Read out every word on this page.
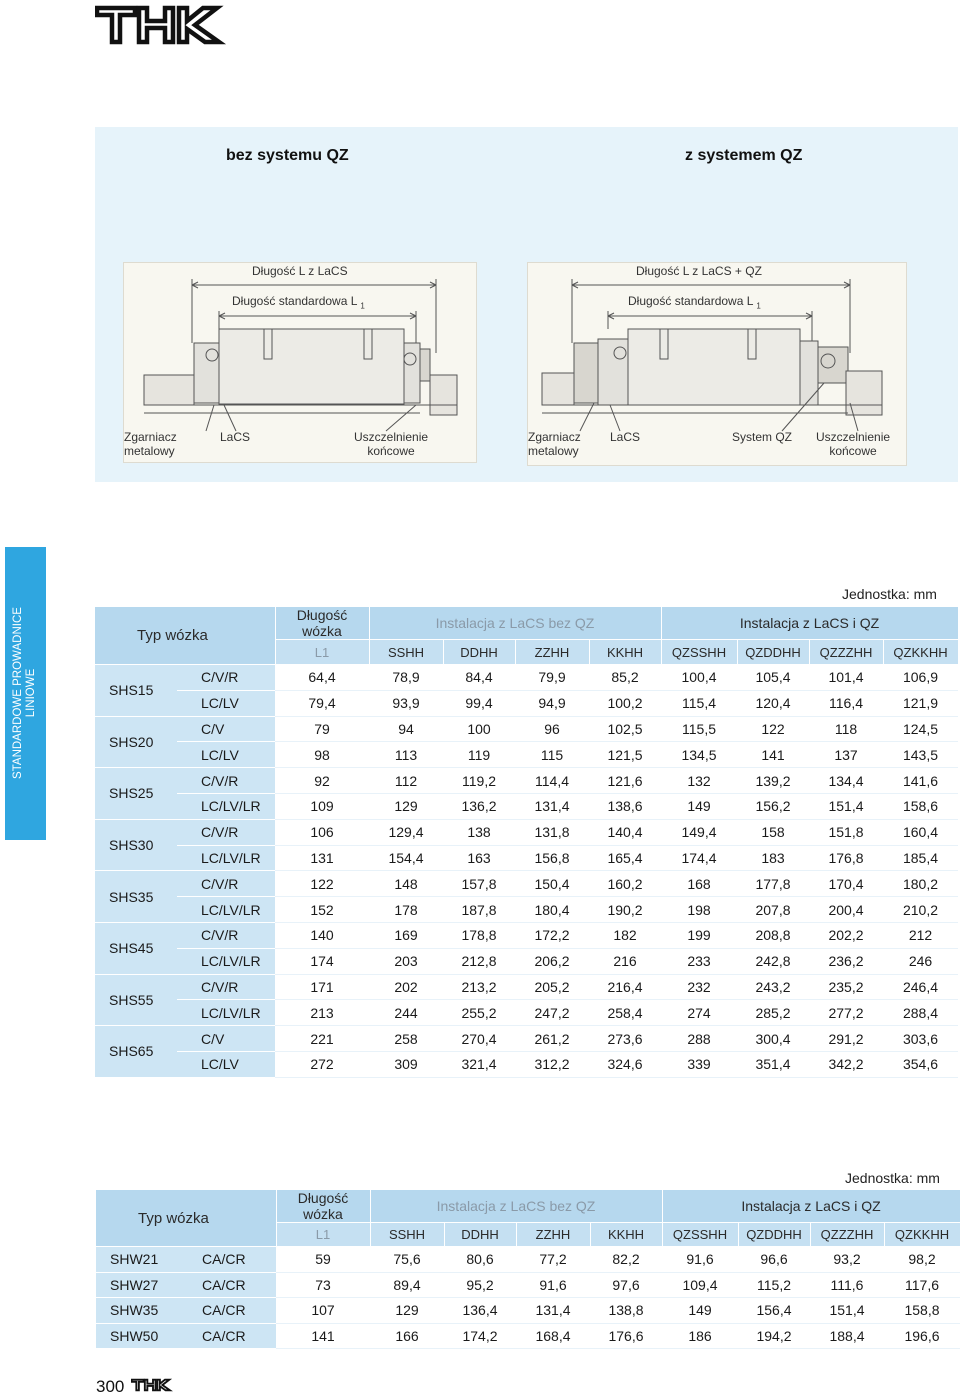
bez systemu QZ	z systemem QZ
Długość L z LaCS
Długość standardowa L $_1$
Zgarniacz
metalowy
LaCS	Uszczelnienie
końcowe
Długość L z LaCS + QZ
Długość standardowa L $_1$
Zgarniacz
metalowy
LaCS	System QZ Uszczelnienie
końcowe
STANDARDOWE PROWADNICE LINIOWE
Jednostka: mm
Typ wózka		Długość wózka	Instalacja z LaCS bez QZ				Instalacja z LaCS i QZ			
		L1	SSHH	DDHH	ZZHH	KKHH	QZSSHH	QZDDHH	QZZZHH	QZKKHH
SHS15	C/V/R	64,4	78,9	84,4	79,9	85,2	100,4	105,4	101,4	106,9
	LC/LV	79,4	93,9	99,4	94,9	100,2	115,4	120,4	116,4	121,9
SHS20	C/V	79	94	100	96	102,5	115,5	122	118	124,5
	LC/LV	98	113	119	115	121,5	134,5	141	137	143,5
SHS25	C/V/R	92	112	119,2	114,4	121,6	132	139,2	134,4	141,6
	LC/LV/LR	109	129	136,2	131,4	138,6	149	156,2	151,4	158,6
SHS30	C/V/R	106	129,4	138	131,8	140,4	149,4	158	151,8	160,4
	LC/LV/LR	131	154,4	163	156,8	165,4	174,4	183	176,8	185,4
SHS35	C/V/R	122	148	157,8	150,4	160,2	168	177,8	170,4	180,2
	LC/LV/LR	152	178	187,8	180,4	190,2	198	207,8	200,4	210,2
SHS45	C/V/R	140	169	178,8	172,2	182	199	208,8	202,2	212
	LC/LV/LR	174	203	212,8	206,2	216	233	242,8	236,2	246
SHS55	C/V/R	171	202	213,2	205,2	216,4	232	243,2	235,2	246,4
	LC/LV/LR	213	244	255,2	247,2	258,4	274	285,2	277,2	288,4
SHS65	C/V	221	258	270,4	261,2	273,6	288	300,4	291,2	303,6
	LC/LV	272	309	321,4	312,2	324,6	339	351,4	342,2	354,6
Jednostka: mm
Typ wózka		Długość wózka	Instalacja z LaCS bez QZ				Instalacja z LaCS i QZ			
		L1	SSHH	DDHH	ZZHH	KKHH	QZSSHH	QZDDHH	QZZZHH	QZKKHH
SHW21	CA/CR	59	75,6	80,6	77,2	82,2	91,6	96,6	93,2	98,2
SHW27	CA/CR	73	89,4	95,2	91,6	97,6	109,4	115,2	111,6	117,6
SHW35	CA/CR	107	129	136,4	131,4	138,8	149	156,4	151,4	158,8
SHW50	CA/CR	141	166	174,2	168,4	176,6	186	194,2	188,4	196,6
300
